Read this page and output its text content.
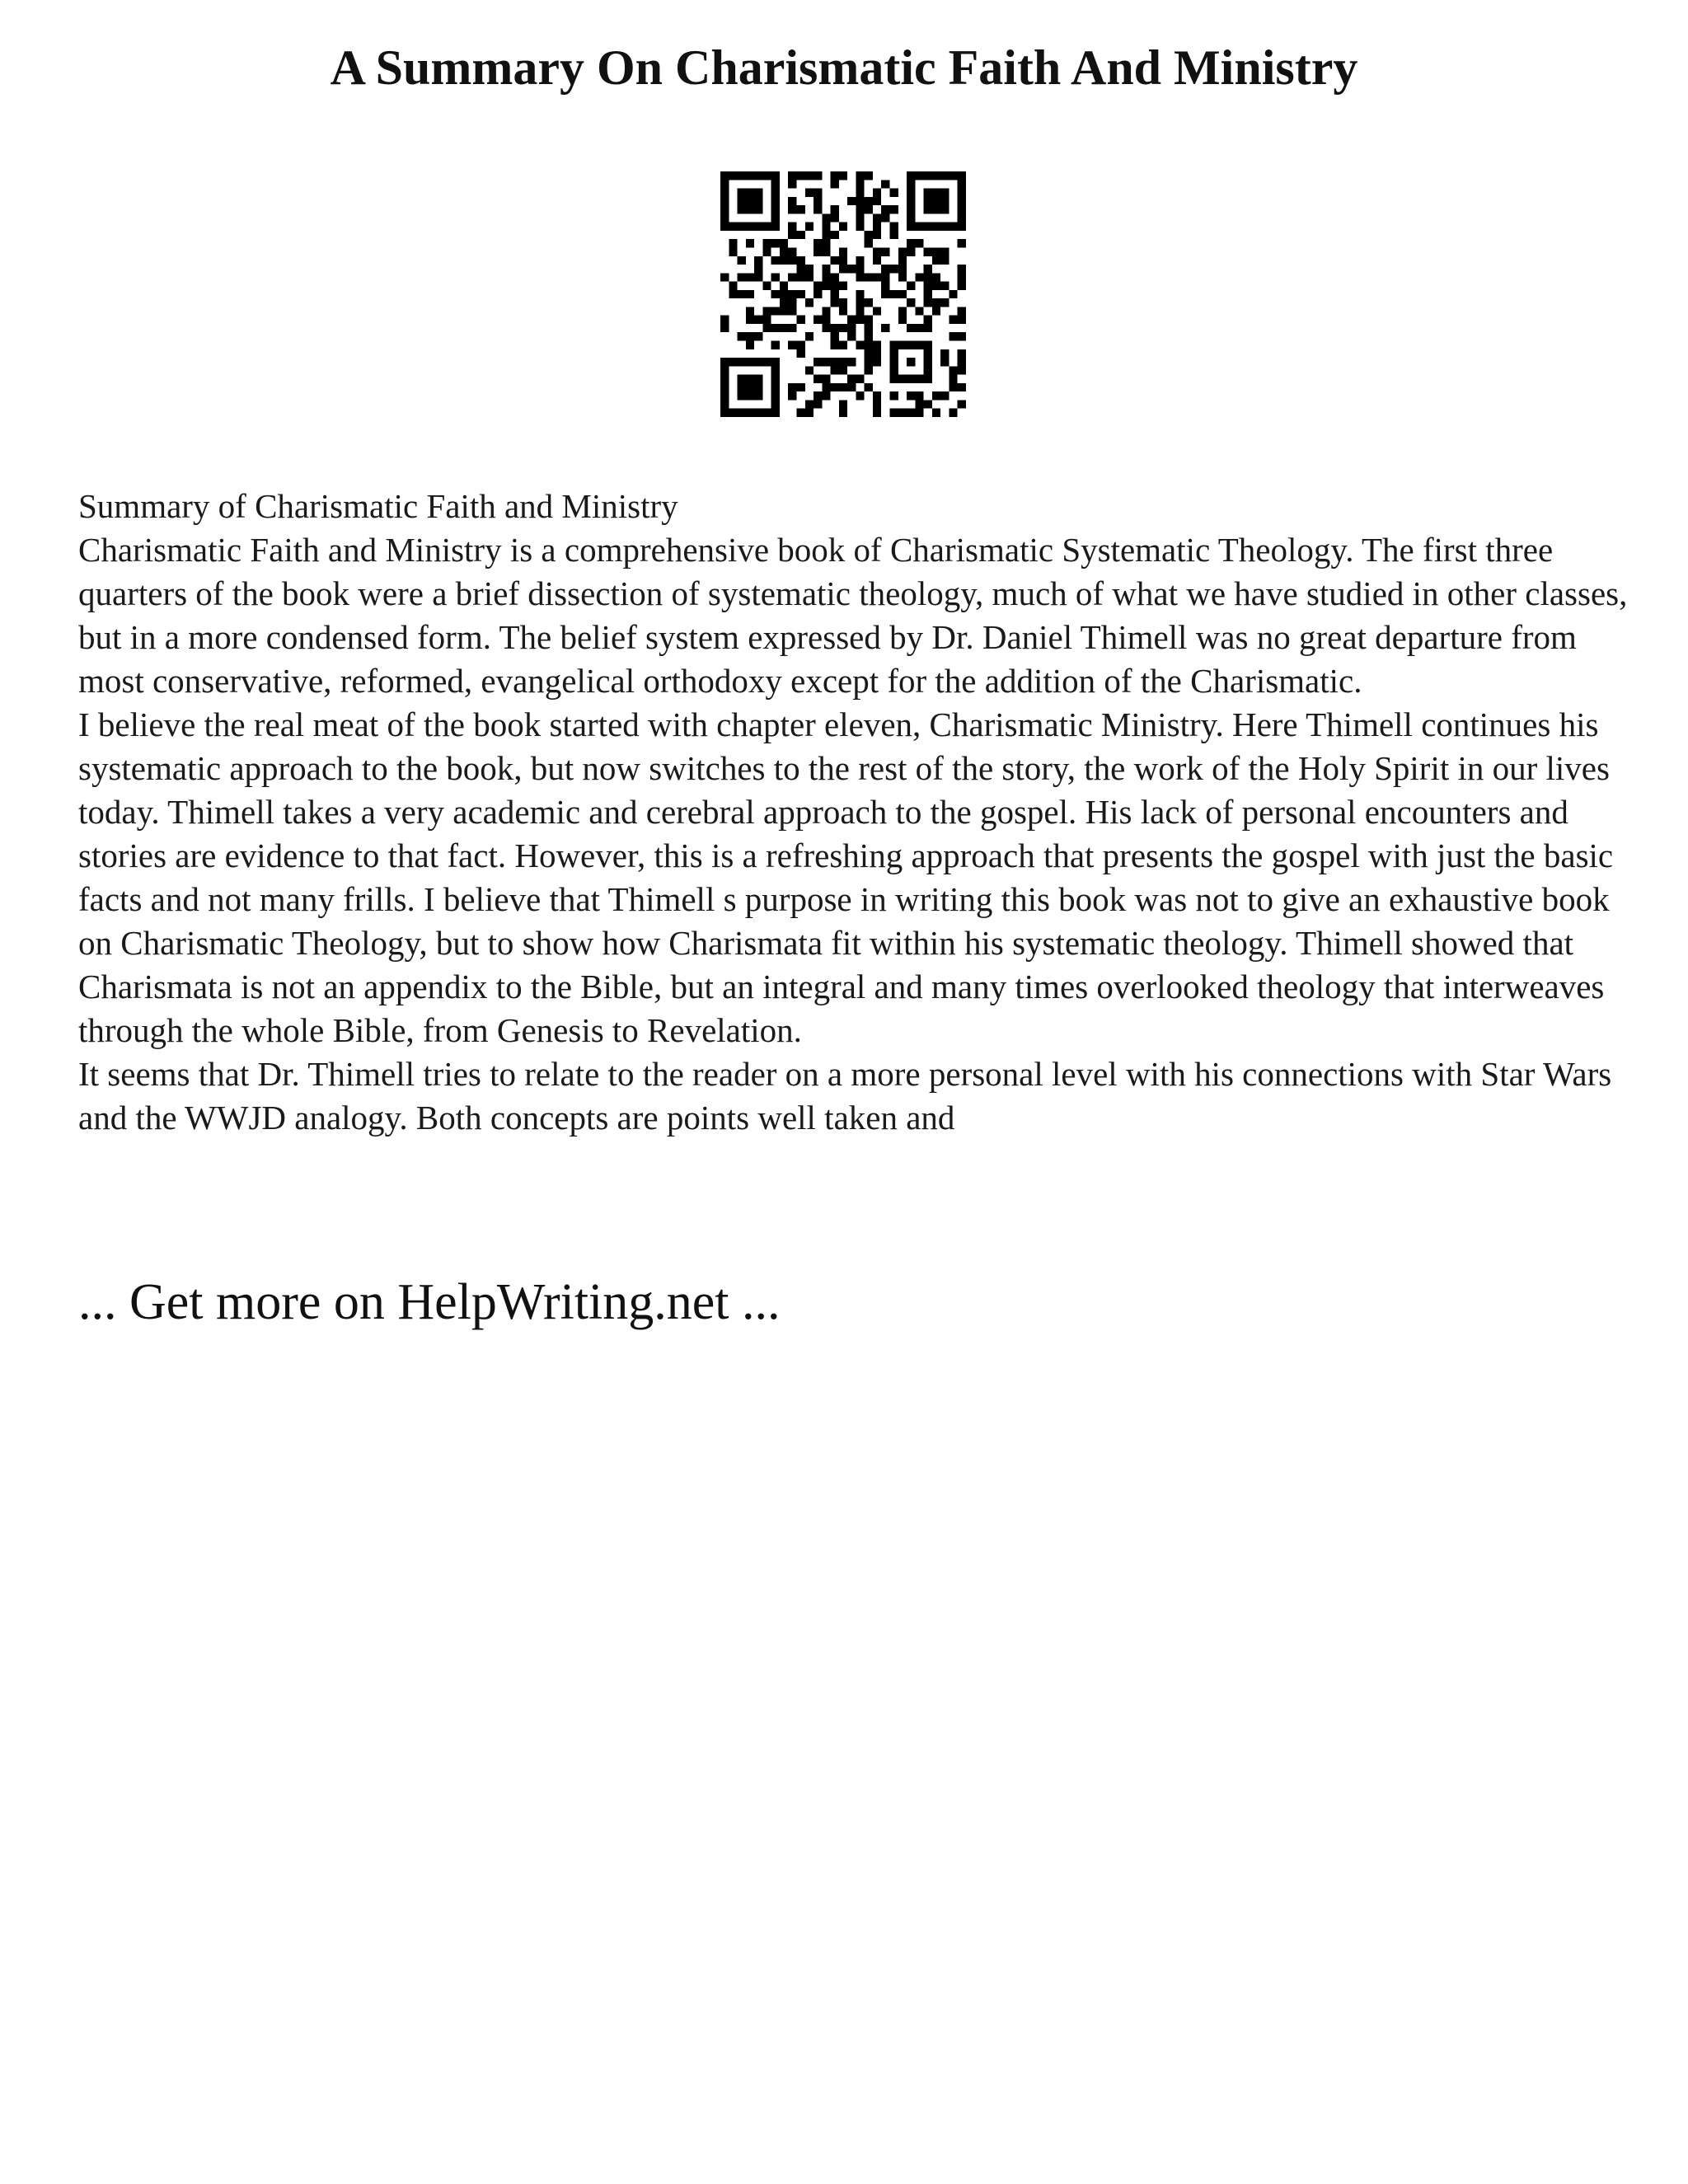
A Summary On Charismatic Faith And Ministry

Summary of Charismatic Faith and Ministry

Charismatic Faith and Ministry is a comprehensive book of Charismatic Systematic Theology. The first three quarters of the book were a brief dissection of systematic theology, much of what we have studied in other classes, but in a more condensed form. The belief system expressed by Dr. Daniel Thimell was no great departure from most conservative, reformed, evangelical orthodoxy except for the addition of the Charismatic.

I believe the real meat of the book started with chapter eleven, Charismatic Ministry. Here Thimell continues his systematic approach to the book, but now switches to the rest of the story, the work of the Holy Spirit in our lives today. Thimell takes a very academic and cerebral approach to the gospel. His lack of personal encounters and stories are evidence to that fact. However, this is a refreshing approach that presents the gospel with just the basic facts and not many frills. I believe that Thimell s purpose in writing this book was not to give an exhaustive book on Charismatic Theology, but to show how Charismata fit within his systematic theology. Thimell showed that Charismata is not an appendix to the Bible, but an integral and many times overlooked theology that interweaves through the whole Bible, from Genesis to Revelation.

It seems that Dr. Thimell tries to relate to the reader on a more personal level with his connections with Star Wars and the WWJD analogy. Both concepts are points well taken and

... Get more on HelpWriting.net ...
